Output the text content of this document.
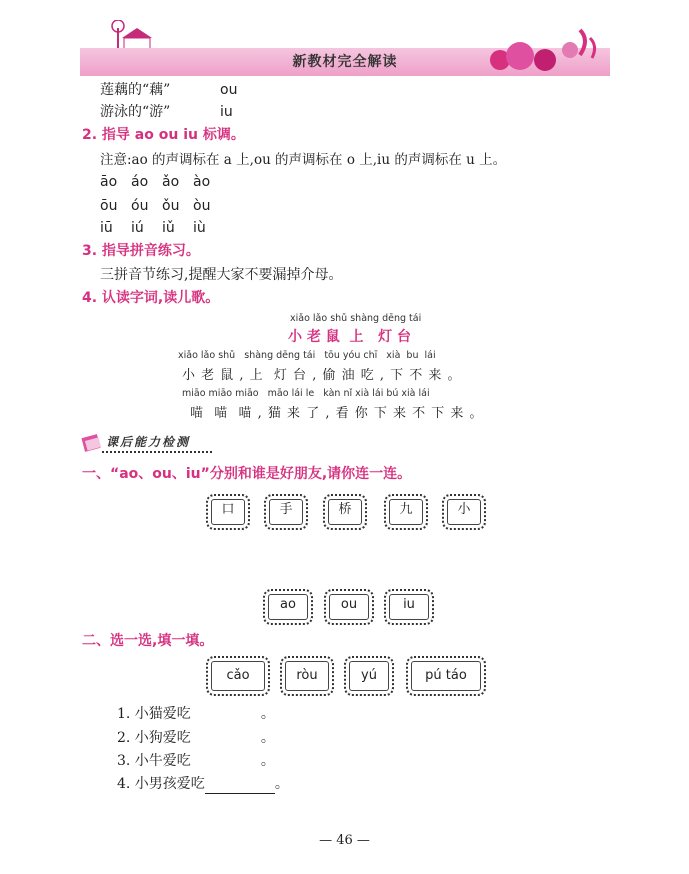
新教材完全解读
莲藕的“藕”	ou
游泳的“游”	iu
2. 指导 ao ou iu 标调。
注意:ao 的声调标在 a 上,ou 的声调标在 o 上,iu 的声调标在 u 上。
āo áo ǎo ào
ōu óu ǒu òu
iū iú iǔ iù
3. 指导拼音练习。
三拼音节练习,提醒大家不要漏掉介母。
4. 认读字词,读儿歌。
xiǎo lǎo shǔ shàng dēng tái
小 老 鼠  上   灯 台
xiǎo lǎo shǔ   shàng dēng tái   tōu yóu chī   xià  bu  lái
小 老 鼠 , 上  灯 台 , 偷 油 吃 , 下 不 来 。
miāo miāo miāo   māo lái le   kàn nǐ xià lái bú xià lái
喵  喵  喵 , 猫 来 了 , 看 你 下 来 不 下 来 。
课后能力检测
一、“ao、ou、iu”分别和谁是好朋友,请你连一连。
口	手	桥	九	小
ao	ou	iu
二、选一选,填一填。
cǎo	ròu	yú	pú táo
1. 小猫爱吃	。
2. 小狗爱吃	。
3. 小牛爱吃	。
4. 小男孩爱吃	。
— 46 —
